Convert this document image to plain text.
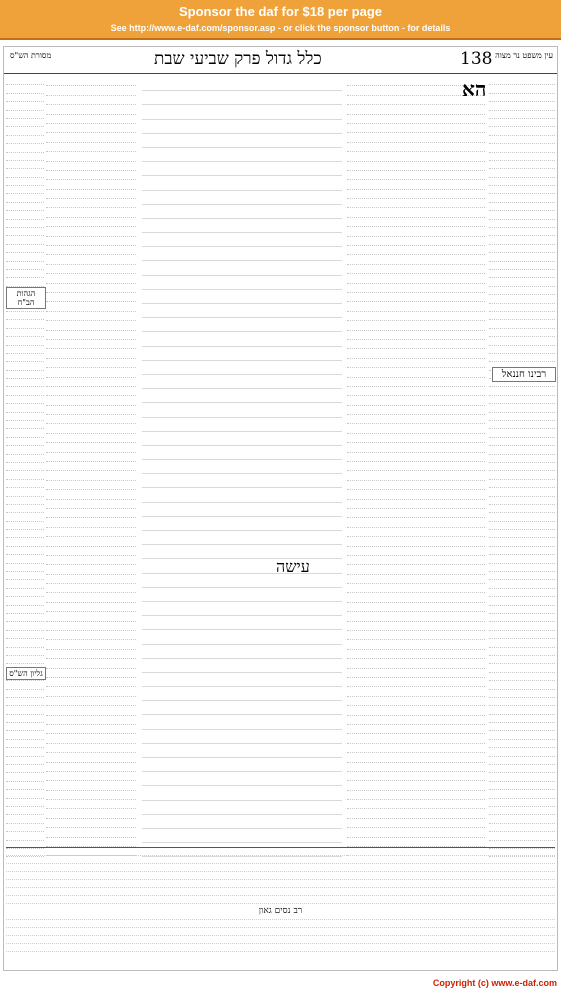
Sponsor the daf for $18 per page
See http://www.e-daf.com/sponsor.asp - or click the sponsor button - for details
מסורת הש"ס	כלל גדול פרק שביעי שבת	138 עין משפט נר מצוה
הא
רבינו חננאל
עישה
הגהות הב"ח
גליון הש"ס
רב נסים גאון
Copyright (c) www.e-daf.com
